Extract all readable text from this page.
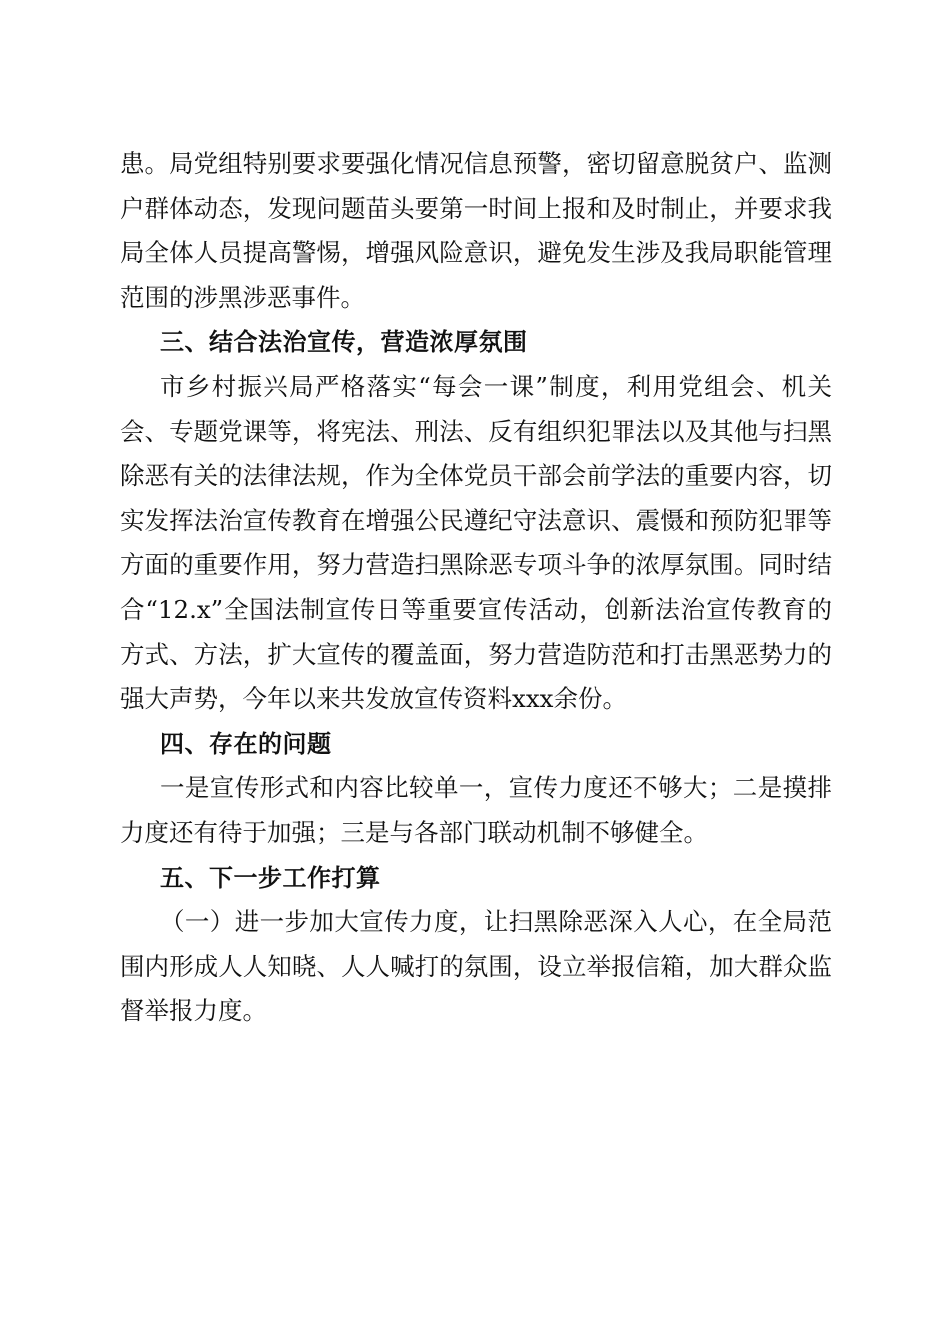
患。局党组特别要求要强化情况信息预警，密切留意脱贫户、监测户群体动态，发现问题苗头要第一时间上报和及时制止，并要求我局全体人员提高警惕，增强风险意识，避免发生涉及我局职能管理范围的涉黑涉恶事件。

三、结合法治宣传，营造浓厚氛围

市乡村振兴局严格落实“每会一课”制度，利用党组会、机关会、专题党课等，将宪法、刑法、反有组织犯罪法以及其他与扫黑除恶有关的法律法规，作为全体党员干部会前学法的重要内容，切实发挥法治宣传教育在增强公民遵纪守法意识、震慑和预防犯罪等方面的重要作用，努力营造扫黑除恶专项斗争的浓厚氛围。同时结合“12.x”全国法制宣传日等重要宣传活动，创新法治宣传教育的方式、方法，扩大宣传的覆盖面，努力营造防范和打击黑恶势力的强大声势，今年以来共发放宣传资料xxx余份。

四、存在的问题

一是宣传形式和内容比较单一，宣传力度还不够大；二是摸排力度还有待于加强；三是与各部门联动机制不够健全。

五、下一步工作打算

（一）进一步加大宣传力度，让扫黑除恶深入人心，在全局范围内形成人人知晓、人人喊打的氛围，设立举报信箱，加大群众监督举报力度。
